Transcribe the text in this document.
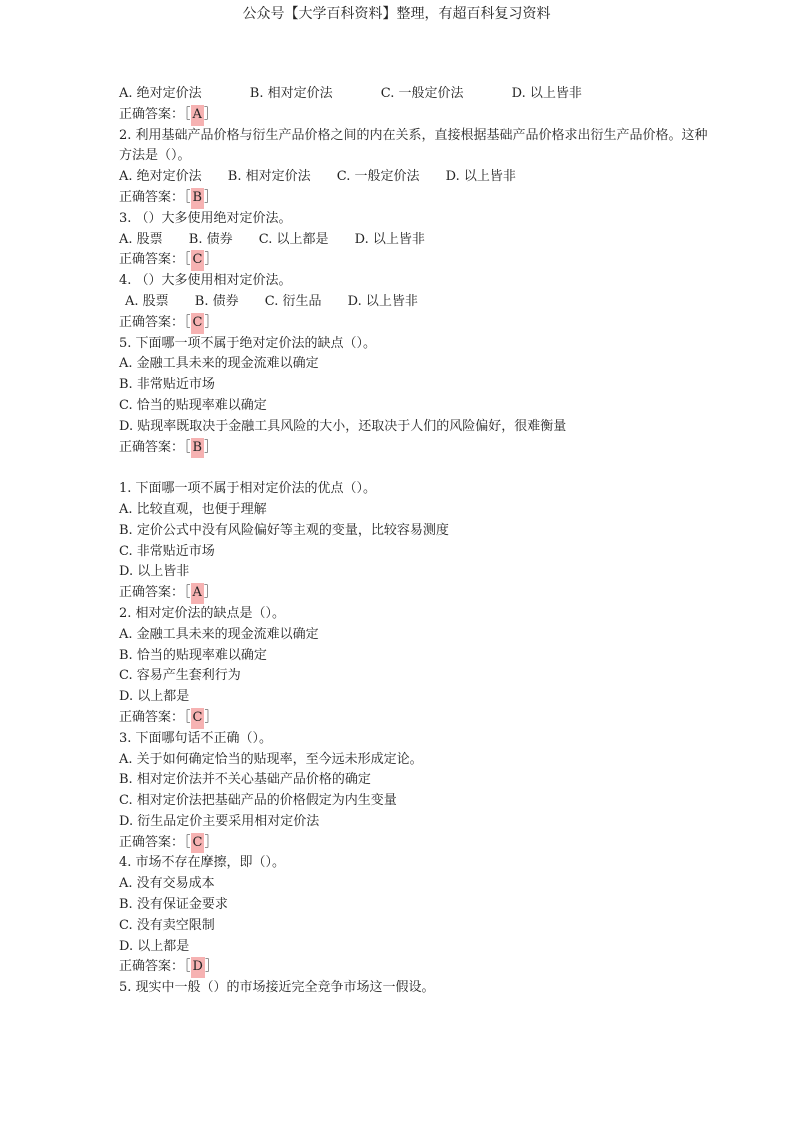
公众号【大学百科资料】整理，有超百科复习资料
A. 绝对定价法	B. 相对定价法	C. 一般定价法	D. 以上皆非
正确答案：［ A ］
2. 利用基础产品价格与衍生产品价格之间的内在关系，直接根据基础产品价格求出衍生产品价格。这种方法是（）。
A. 绝对定价法 B. 相对定价法 C. 一般定价法 D. 以上皆非
正确答案：［ B ］
3. （）大多使用绝对定价法。
A. 股票 B. 债券 C. 以上都是 D. 以上皆非
正确答案：［ C ］
4. （）大多使用相对定价法。
A. 股票 B. 债券 C. 衍生品 D. 以上皆非
正确答案：［ C ］
5. 下面哪一项不属于绝对定价法的缺点（）。
A. 金融工具未来的现金流难以确定
B. 非常贴近市场
C. 恰当的贴现率难以确定
D. 贴现率既取决于金融工具风险的大小，还取决于人们的风险偏好，很难衡量
正确答案：［ B ］
1. 下面哪一项不属于相对定价法的优点（）。
A. 比较直观，也便于理解
B. 定价公式中没有风险偏好等主观的变量，比较容易测度
C. 非常贴近市场
D. 以上皆非
正确答案：［ A ］
2. 相对定价法的缺点是（）。
A. 金融工具未来的现金流难以确定
B. 恰当的贴现率难以确定
C. 容易产生套利行为
D. 以上都是
正确答案：［ C ］
3. 下面哪句话不正确（）。
A. 关于如何确定恰当的贴现率，至今远未形成定论。
B. 相对定价法并不关心基础产品价格的确定
C. 相对定价法把基础产品的价格假定为内生变量
D. 衍生品定价主要采用相对定价法
正确答案：［ C ］
4. 市场不存在摩擦，即（）。
A. 没有交易成本
B. 没有保证金要求
C. 没有卖空限制
D. 以上都是
正确答案：［ D ］
5. 现实中一般（）的市场接近完全竞争市场这一假设。
